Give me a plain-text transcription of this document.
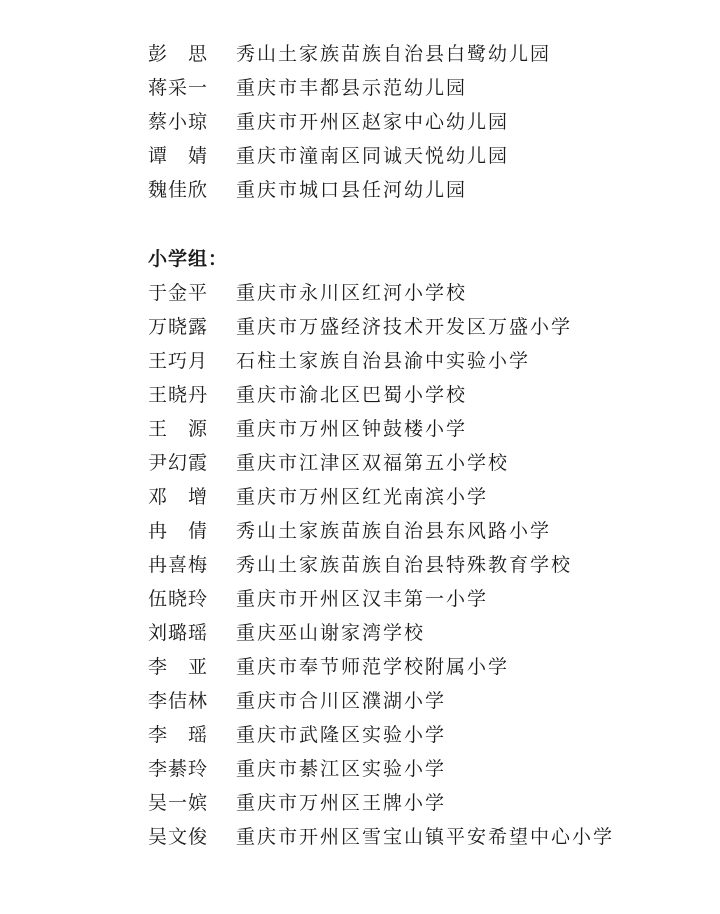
彭　思	秀山土家族苗族自治县白鹭幼儿园
蒋采一	重庆市丰都县示范幼儿园
蔡小琼	重庆市开州区赵家中心幼儿园
谭　婧	重庆市潼南区同诚天悦幼儿园
魏佳欣	重庆市城口县任河幼儿园
小学组：
于金平	重庆市永川区红河小学校
万晓露	重庆市万盛经济技术开发区万盛小学
王巧月	石柱土家族自治县渝中实验小学
王晓丹	重庆市渝北区巴蜀小学校
王　源	重庆市万州区钟鼓楼小学
尹幻霞	重庆市江津区双福第五小学校
邓　增	重庆市万州区红光南滨小学
冉　倩	秀山土家族苗族自治县东风路小学
冉喜梅	秀山土家族苗族自治县特殊教育学校
伍晓玲	重庆市开州区汉丰第一小学
刘璐瑶	重庆巫山谢家湾学校
李　亚	重庆市奉节师范学校附属小学
李佶林	重庆市合川区濮湖小学
李　瑶	重庆市武隆区实验小学
李綦玲	重庆市綦江区实验小学
吴一嫔	重庆市万州区王牌小学
吴文俊	重庆市开州区雪宝山镇平安希望中心小学
